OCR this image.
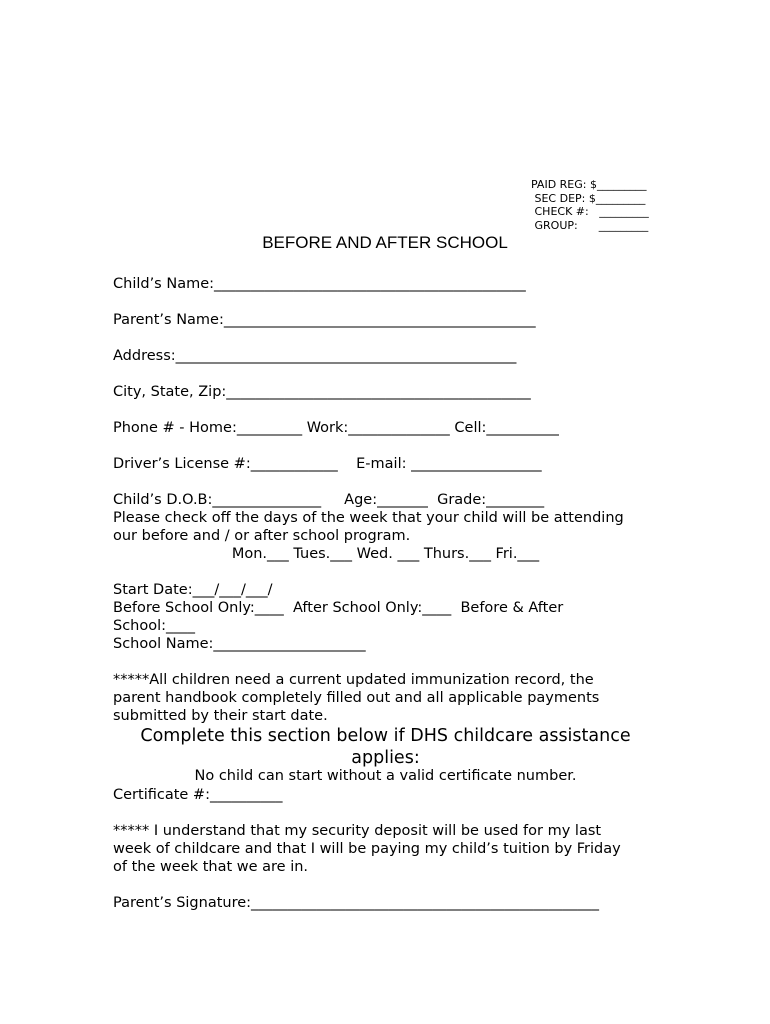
PAID REG: $_________
SEC DEP: $_________
CHECK #:   _________
GROUP:      _________
BEFORE AND AFTER SCHOOL
Child’s Name:___________________________________________
Parent’s Name:___________________________________________
Address:_______________________________________________
City, State, Zip:__________________________________________
Phone # - Home:_________ Work:______________ Cell:__________
Driver’s License #:____________    E-mail: __________________
Child’s D.O.B:_______________     Age:_______  Grade:________
Please check off the days of the week that your child will be attending
our before and / or after school program.
Mon.___ Tues.___ Wed. ___ Thurs.___ Fri.___
Start Date:___/___/___/
Before School Only:____  After School Only:____  Before & After
School:____
School Name:_____________________
*****All children need a current updated immunization record, the
parent handbook completely filled out and all applicable payments
submitted by their start date.
Complete this section below if DHS childcare assistance
applies:
No child can start without a valid certificate number.
Certificate #:__________
***** I understand that my security deposit will be used for my last
week of childcare and that I will be paying my child’s tuition by Friday
of the week that we are in.
Parent’s Signature:________________________________________________
